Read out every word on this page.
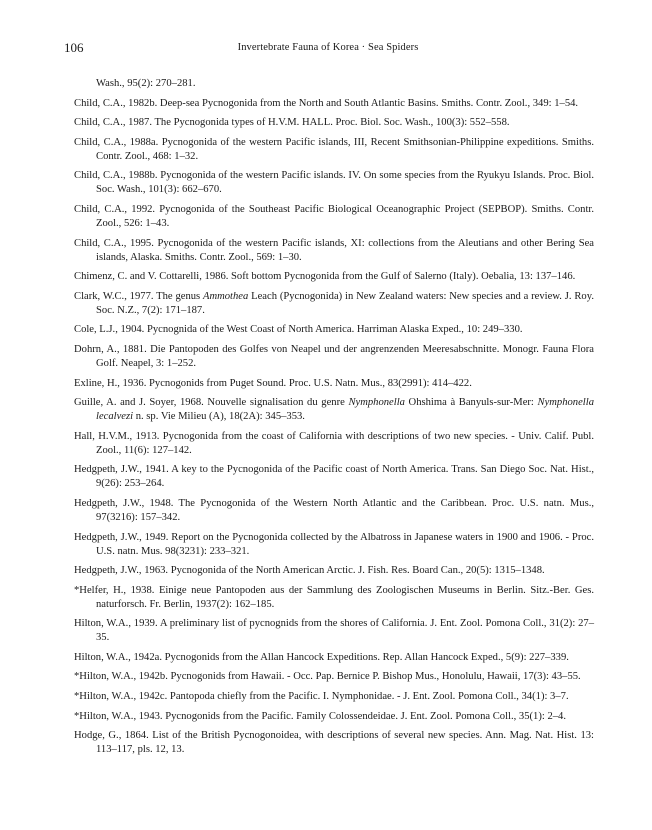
106	Invertebrate Fauna of Korea · Sea Spiders

Wash., 95(2): 270–281.

Child, C.A., 1982b. Deep-sea Pycnogonida from the North and South Atlantic Basins. Smiths. Contr. Zool., 349: 1–54.

Child, C.A., 1987. The Pycnogonida types of H.V.M. HALL. Proc. Biol. Soc. Wash., 100(3): 552–558.

Child, C.A., 1988a. Pycnogonida of the western Pacific islands, III, Recent Smithsonian-Philippine expeditions. Smiths. Contr. Zool., 468: 1–32.

Child, C.A., 1988b. Pycnogonida of the western Pacific islands. IV. On some species from the Ryukyu Islands. Proc. Biol. Soc. Wash., 101(3): 662–670.

Child, C.A., 1992. Pycnogonida of the Southeast Pacific Biological Oceanographic Project (SEPBOP). Smiths. Contr. Zool., 526: 1–43.

Child, C.A., 1995. Pycnogonida of the western Pacific islands, XI: collections from the Aleutians and other Bering Sea islands, Alaska. Smiths. Contr. Zool., 569: 1–30.

Chimenz, C. and V. Cottarelli, 1986. Soft bottom Pycnogonida from the Gulf of Salerno (Italy). Oebalia, 13: 137–146.

Clark, W.C., 1977. The genus Ammothea Leach (Pycnogonida) in New Zealand waters: New species and a review. J. Roy. Soc. N.Z., 7(2): 171–187.

Cole, L.J., 1904. Pycnognida of the West Coast of North America. Harriman Alaska Exped., 10: 249–330.

Dohrn, A., 1881. Die Pantopoden des Golfes von Neapel und der angrenzenden Meeresabschnitte. Monogr. Fauna Flora Golf. Neapel, 3: 1–252.

Exline, H., 1936. Pycnogonids from Puget Sound. Proc. U.S. Natn. Mus., 83(2991): 414–422.

Guille, A. and J. Soyer, 1968. Nouvelle signalisation du genre Nymphonella Ohshima à Banyuls-sur-Mer: Nymphonella lecalvezi n. sp. Vie Milieu (A), 18(2A): 345–353.

Hall, H.V.M., 1913. Pycnogonida from the coast of California with descriptions of two new species. - Univ. Calif. Publ. Zool., 11(6): 127–142.

Hedgpeth, J.W., 1941. A key to the Pycnogonida of the Pacific coast of North America. Trans. San Diego Soc. Nat. Hist., 9(26): 253–264.

Hedgpeth, J.W., 1948. The Pycnogonida of the Western North Atlantic and the Caribbean. Proc. U.S. natn. Mus., 97(3216): 157–342.

Hedgpeth, J.W., 1949. Report on the Pycnogonida collected by the Albatross in Japanese waters in 1900 and 1906. - Proc. U.S. natn. Mus. 98(3231): 233–321.

Hedgpeth, J.W., 1963. Pycnogonida of the North American Arctic. J. Fish. Res. Board Can., 20(5): 1315–1348.

*Helfer, H., 1938. Einige neue Pantopoden aus der Sammlung des Zoologischen Museums in Berlin. Sitz.-Ber. Ges. naturforsch. Fr. Berlin, 1937(2): 162–185.

Hilton, W.A., 1939. A preliminary list of pycnognids from the shores of California. J. Ent. Zool. Pomona Coll., 31(2): 27–35.

Hilton, W.A., 1942a. Pycnogonids from the Allan Hancock Expeditions. Rep. Allan Hancock Exped., 5(9): 227–339.

*Hilton, W.A., 1942b. Pycnogonids from Hawaii. - Occ. Pap. Bernice P. Bishop Mus., Honolulu, Hawaii, 17(3): 43–55.

*Hilton, W.A., 1942c. Pantopoda chiefly from the Pacific. I. Nymphonidae. - J. Ent. Zool. Pomona Coll., 34(1): 3–7.

*Hilton, W.A., 1943. Pycnogonids from the Pacific. Family Colossendeidae. J. Ent. Zool. Pomona Coll., 35(1): 2–4.

Hodge, G., 1864. List of the British Pycnogonoidea, with descriptions of several new species. Ann. Mag. Nat. Hist. 13: 113–117, pls. 12, 13.
